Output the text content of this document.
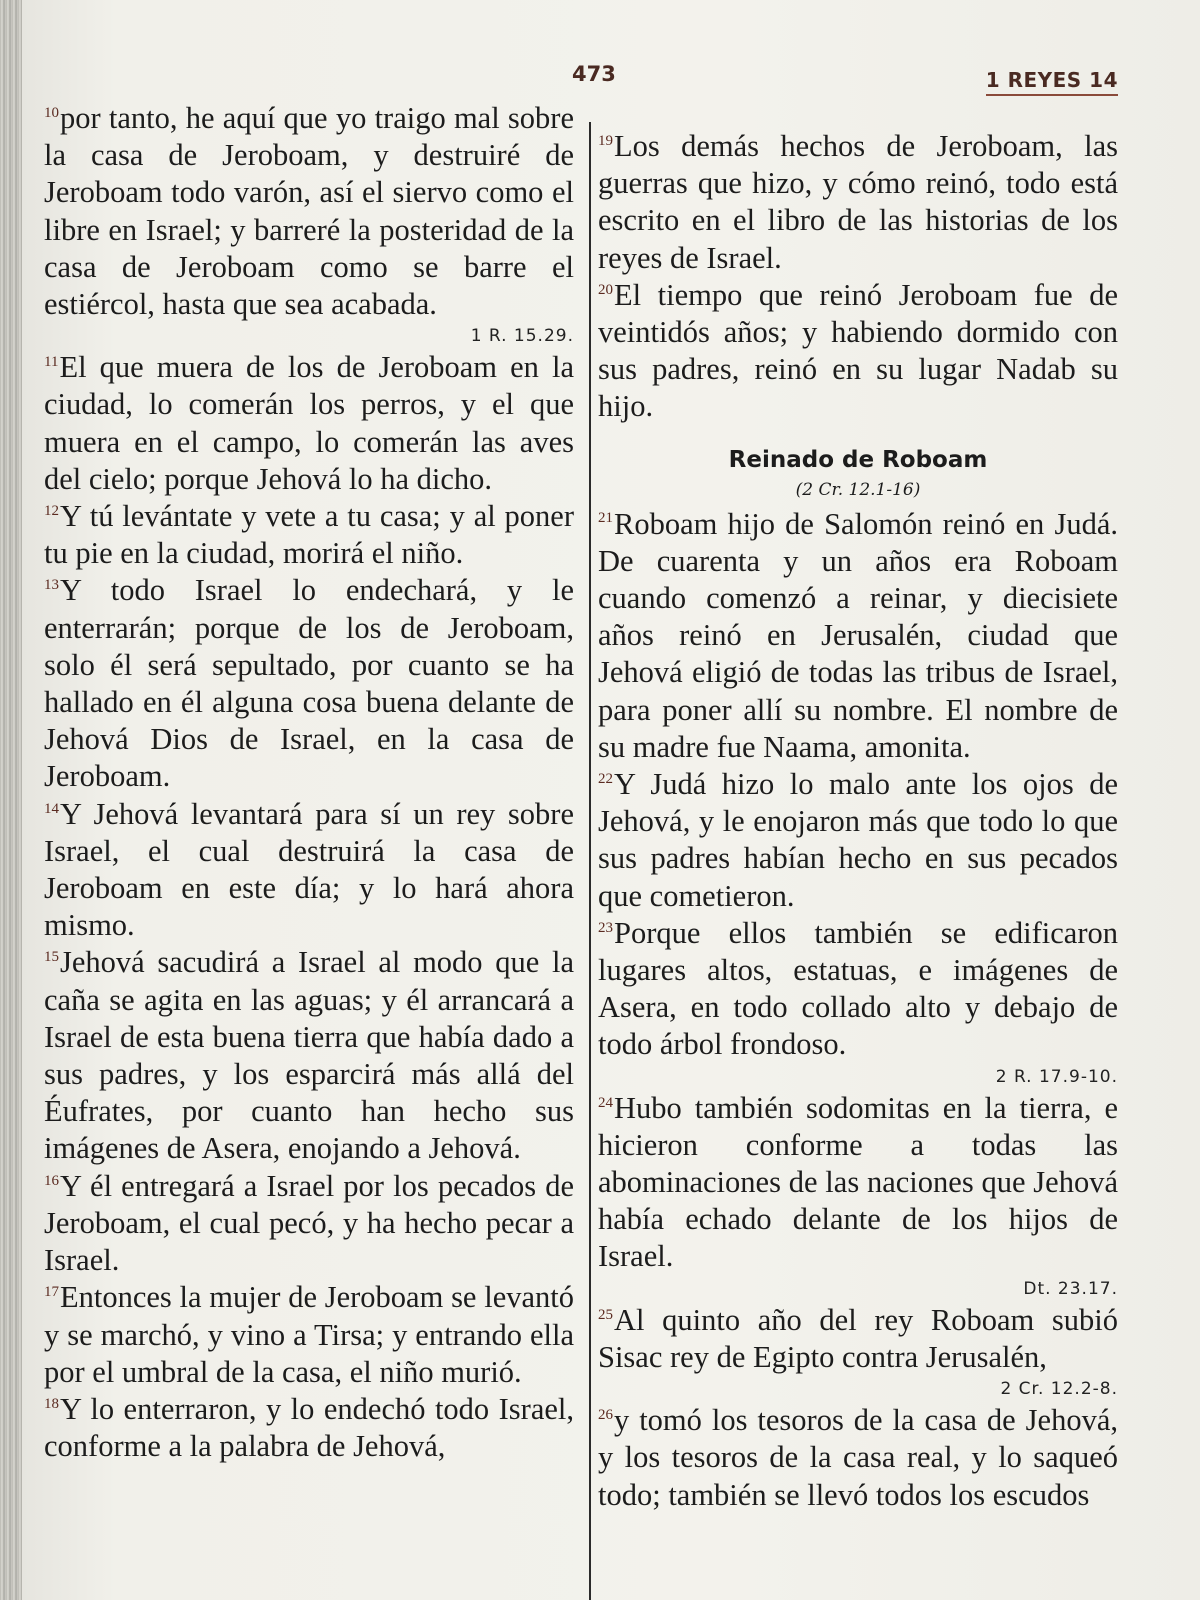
473	1 REYES 14

$^{10}$por tanto, he aquí que yo traigo mal sobre la casa de Jeroboam, y destruiré de Jeroboam todo varón, así el siervo como el libre en Israel; y barreré la posteridad de la casa de Jeroboam como se barre el estiércol, hasta que sea acabada.

1 R. 15.29.

$^{11}$El que muera de los de Jeroboam en la ciudad, lo comerán los perros, y el que muera en el campo, lo comerán las aves del cielo; porque Jehová lo ha dicho.

$^{12}$Y tú levántate y vete a tu casa; y al poner tu pie en la ciudad, morirá el niño.

$^{13}$Y todo Israel lo endechará, y le enterrarán; porque de los de Jeroboam, solo él será sepultado, por cuanto se ha hallado en él alguna cosa buena delante de Jehová Dios de Israel, en la casa de Jeroboam.

$^{14}$Y Jehová levantará para sí un rey sobre Israel, el cual destruirá la casa de Jeroboam en este día; y lo hará ahora mismo.

$^{15}$Jehová sacudirá a Israel al modo que la caña se agita en las aguas; y él arrancará a Israel de esta buena tierra que había dado a sus padres, y los esparcirá más allá del Éufrates, por cuanto han hecho sus imágenes de Asera, enojando a Jehová.

$^{16}$Y él entregará a Israel por los pecados de Jeroboam, el cual pecó, y ha hecho pecar a Israel.

$^{17}$Entonces la mujer de Jeroboam se levantó y se marchó, y vino a Tirsa; y entrando ella por el umbral de la casa, el niño murió.

$^{18}$Y lo enterraron, y lo endechó todo Israel, conforme a la palabra de Jehová,

$^{19}$Los demás hechos de Jeroboam, las guerras que hizo, y cómo reinó, todo está escrito en el libro de las historias de los reyes de Israel.

$^{20}$El tiempo que reinó Jeroboam fue de veintidós años; y habiendo dormido con sus padres, reinó en su lugar Nadab su hijo.

Reinado de Roboam

(2 Cr. 12.1-16)

$^{21}$Roboam hijo de Salomón reinó en Judá. De cuarenta y un años era Roboam cuando comenzó a reinar, y diecisiete años reinó en Jerusalén, ciudad que Jehová eligió de todas las tribus de Israel, para poner allí su nombre. El nombre de su madre fue Naama, amonita.

$^{22}$Y Judá hizo lo malo ante los ojos de Jehová, y le enojaron más que todo lo que sus padres habían hecho en sus pecados que cometieron.

$^{23}$Porque ellos también se edificaron lugares altos, estatuas, e imágenes de Asera, en todo collado alto y debajo de todo árbol frondoso.

2 R. 17.9-10.

$^{24}$Hubo también sodomitas en la tierra, e hicieron conforme a todas las abominaciones de las naciones que Jehová había echado delante de los hijos de Israel.

Dt. 23.17.

$^{25}$Al quinto año del rey Roboam subió Sisac rey de Egipto contra Jerusalén,

2 Cr. 12.2-8.

$^{26}$y tomó los tesoros de la casa de Jehová, y los tesoros de la casa real, y lo saqueó todo; también se llevó todos los escudos
